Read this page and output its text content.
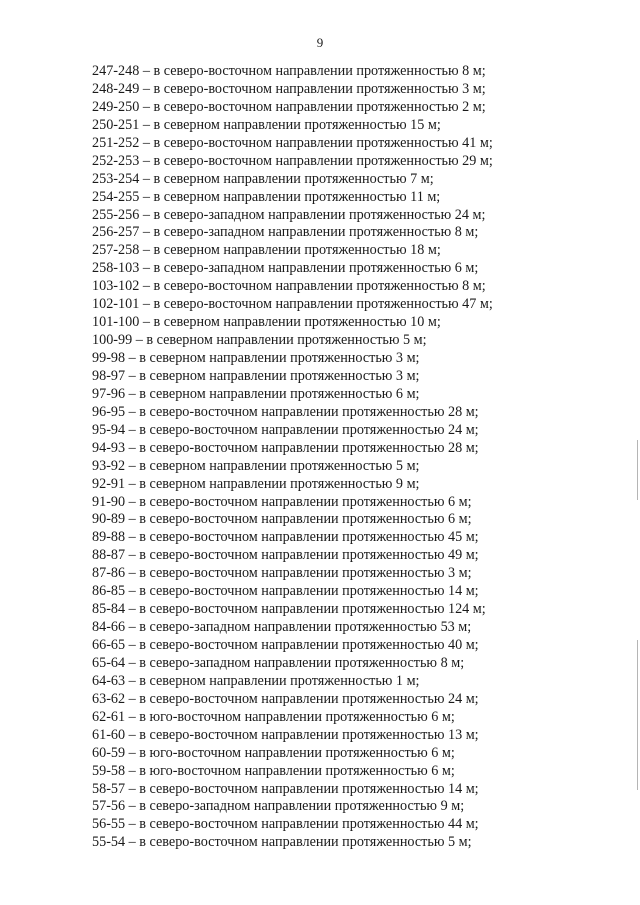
9
247-248 – в северо-восточном направлении протяженностью 8 м;
248-249 – в северо-восточном направлении протяженностью 3 м;
249-250 – в северо-восточном направлении протяженностью 2 м;
250-251 – в северном направлении протяженностью 15 м;
251-252 – в северо-восточном направлении протяженностью 41 м;
252-253 – в северо-восточном направлении протяженностью 29 м;
253-254 – в северном направлении протяженностью 7 м;
254-255 – в северном направлении протяженностью 11 м;
255-256 – в северо-западном направлении протяженностью 24 м;
256-257 – в северо-западном направлении протяженностью 8 м;
257-258 – в северном направлении протяженностью 18 м;
258-103 – в северо-западном направлении протяженностью 6 м;
103-102 – в северо-восточном направлении протяженностью 8 м;
102-101 – в северо-восточном направлении протяженностью 47 м;
101-100 – в северном направлении протяженностью 10 м;
100-99 – в северном направлении протяженностью 5 м;
99-98 – в северном направлении протяженностью 3 м;
98-97 – в северном направлении протяженностью 3 м;
97-96 – в северном направлении протяженностью 6 м;
96-95 – в северо-восточном направлении протяженностью 28 м;
95-94 – в северо-восточном направлении протяженностью 24 м;
94-93 – в северо-восточном направлении протяженностью 28 м;
93-92 – в северном направлении протяженностью 5 м;
92-91 – в северном направлении протяженностью 9 м;
91-90 – в северо-восточном направлении протяженностью 6 м;
90-89 – в северо-восточном направлении протяженностью 6 м;
89-88 – в северо-восточном направлении протяженностью 45 м;
88-87 – в северо-восточном направлении протяженностью 49 м;
87-86 – в северо-восточном направлении протяженностью 3 м;
86-85 – в северо-восточном направлении протяженностью 14 м;
85-84 – в северо-восточном направлении протяженностью 124 м;
84-66 – в северо-западном направлении протяженностью 53 м;
66-65 – в северо-восточном направлении протяженностью 40 м;
65-64 – в северо-западном направлении протяженностью 8 м;
64-63 – в северном направлении протяженностью 1 м;
63-62 – в северо-восточном направлении протяженностью 24 м;
62-61 – в юго-восточном направлении протяженностью 6 м;
61-60 – в северо-восточном направлении протяженностью 13 м;
60-59 – в юго-восточном направлении протяженностью 6 м;
59-58 – в юго-восточном направлении протяженностью 6 м;
58-57 – в северо-восточном направлении протяженностью 14 м;
57-56 – в северо-западном направлении протяженностью 9 м;
56-55 – в северо-восточном направлении протяженностью 44 м;
55-54 – в северо-восточном направлении протяженностью 5 м;
